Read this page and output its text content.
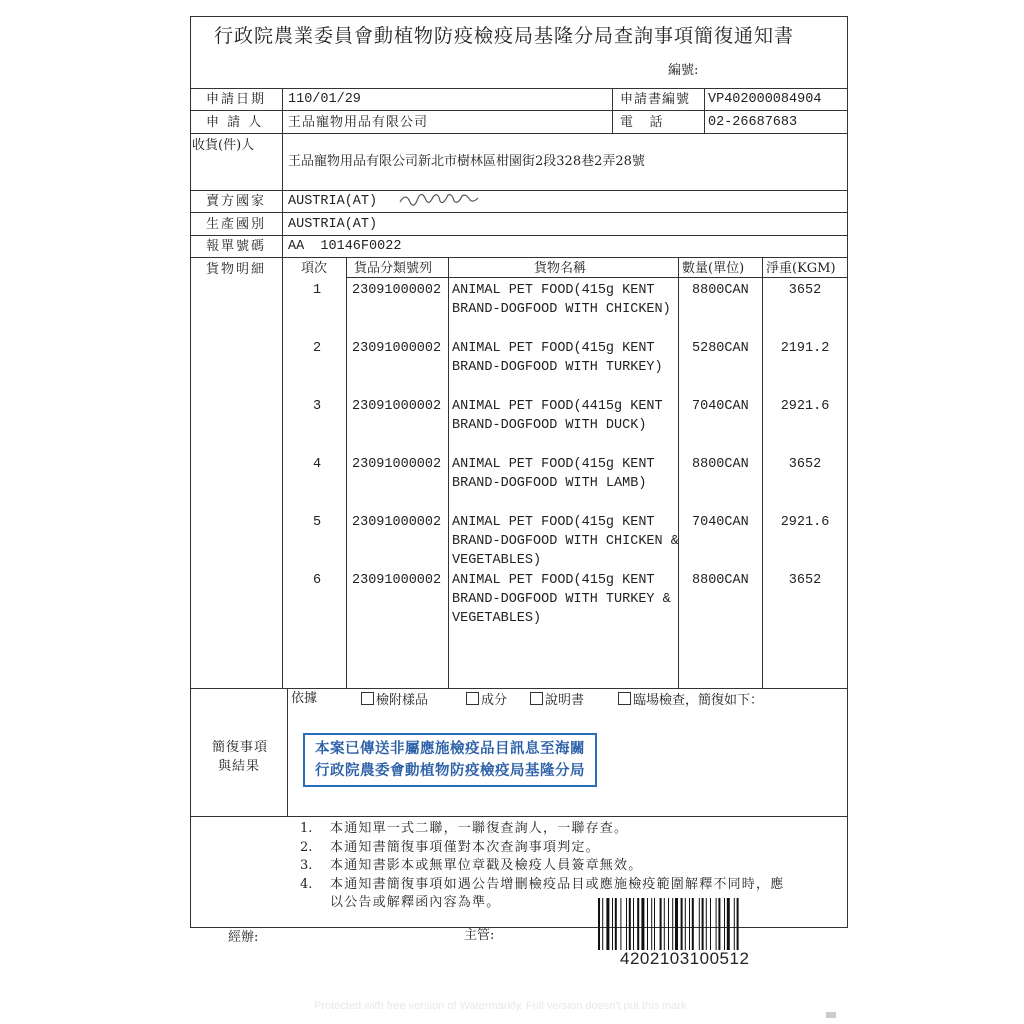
行政院農業委員會動植物防疫檢疫局基隆分局查詢事項簡復通知書
編號:
申請日期 110/01/29	申請書編號 VP402000084904
申 請 人 王品寵物用品有限公司	電    話	02-26687683
收貨(件)人
王品寵物用品有限公司新北市樹林區柑園街2段328巷2弄28號
賣方國家 AUSTRIA(AT)
生產國別 AUSTRIA(AT)
報單號碼 AA  10146F0022
貨物明細	項次 貨品分類號列	貨物名稱	數量(單位) 淨重(KGM)
1 23091000002 ANIMAL PET FOOD(415g KENT
BRAND-DOGFOOD WITH CHICKEN)
8800CAN	3652
2 23091000002 ANIMAL PET FOOD(415g KENT
BRAND-DOGFOOD WITH TURKEY)
5280CAN	2191.2
3 23091000002 ANIMAL PET FOOD(4415g KENT
BRAND-DOGFOOD WITH DUCK)
7040CAN	2921.6
4 23091000002 ANIMAL PET FOOD(415g KENT
BRAND-DOGFOOD WITH LAMB)
8800CAN	3652
5 23091000002 ANIMAL PET FOOD(415g KENT
BRAND-DOGFOOD WITH CHICKEN &
VEGETABLES)
7040CAN	2921.6
6 23091000002 ANIMAL PET FOOD(415g KENT
BRAND-DOGFOOD WITH TURKEY &
VEGETABLES)
8800CAN	3652
依據	檢附樣品	成分	說明書	臨場檢查，簡復如下：
簡復事項
與結果
本案已傳送非屬應施檢疫品目訊息至海關
行政院農委會動植物防疫檢疫局基隆分局
1. 本通知單一式二聯，一聯復查詢人，一聯存查。
2. 本通知書簡復事項僅對本次查詢事項判定。
3. 本通知書影本或無單位章戳及檢疫人員簽章無效。
4. 本通知書簡復事項如遇公告增刪檢疫品目或應施檢疫範圍解釋不同時，應
以公告或解釋函內容為準。
經辦:	主管:
4202103100512
Protected with free version of Watermarkly. Full version doesn't put this mark.
